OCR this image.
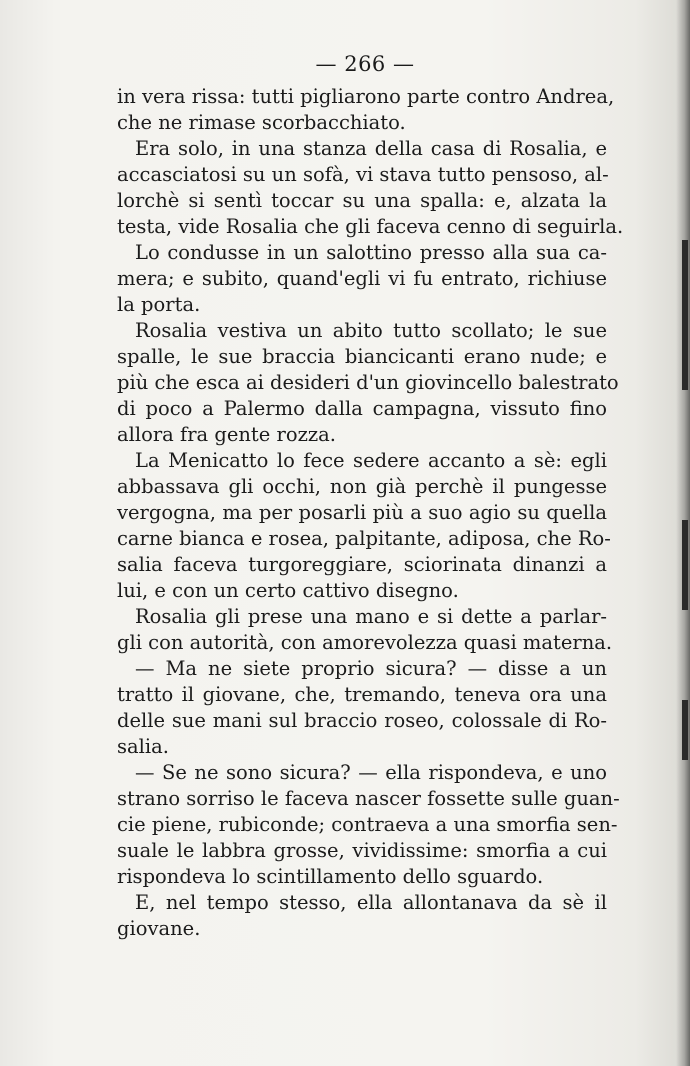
— 266 —
in vera rissa: tutti pigliarono parte contro Andrea,
che ne rimase scorbacchiato.
Era solo, in una stanza della casa di Rosalia, e
accasciatosi su un sofà, vi stava tutto pensoso, al-
lorchè si sentì toccar su una spalla: e, alzata la
testa, vide Rosalia che gli faceva cenno di seguirla.
Lo condusse in un salottino presso alla sua ca-
mera; e subito, quand'egli vi fu entrato, richiuse
la porta.
Rosalia vestiva un abito tutto scollato; le sue
spalle, le sue braccia biancicanti erano nude; e
più che esca ai desideri d'un giovincello balestrato
di poco a Palermo dalla campagna, vissuto fino
allora fra gente rozza.
La Menicatto lo fece sedere accanto a sè: egli
abbassava gli occhi, non già perchè il pungesse
vergogna, ma per posarli più a suo agio su quella
carne bianca e rosea, palpitante, adiposa, che Ro-
salia faceva turgoreggiare, sciorinata dinanzi a
lui, e con un certo cattivo disegno.
Rosalia gli prese una mano e si dette a parlar-
gli con autorità, con amorevolezza quasi materna.
— Ma ne siete proprio sicura? — disse a un
tratto il giovane, che, tremando, teneva ora una
delle sue mani sul braccio roseo, colossale di Ro-
salia.
— Se ne sono sicura? — ella rispondeva, e uno
strano sorriso le faceva nascer fossette sulle guan-
cie piene, rubiconde; contraeva a una smorfia sen-
suale le labbra grosse, vividissime: smorfia a cui
rispondeva lo scintillamento dello sguardo.
E, nel tempo stesso, ella allontanava da sè il
giovane.
